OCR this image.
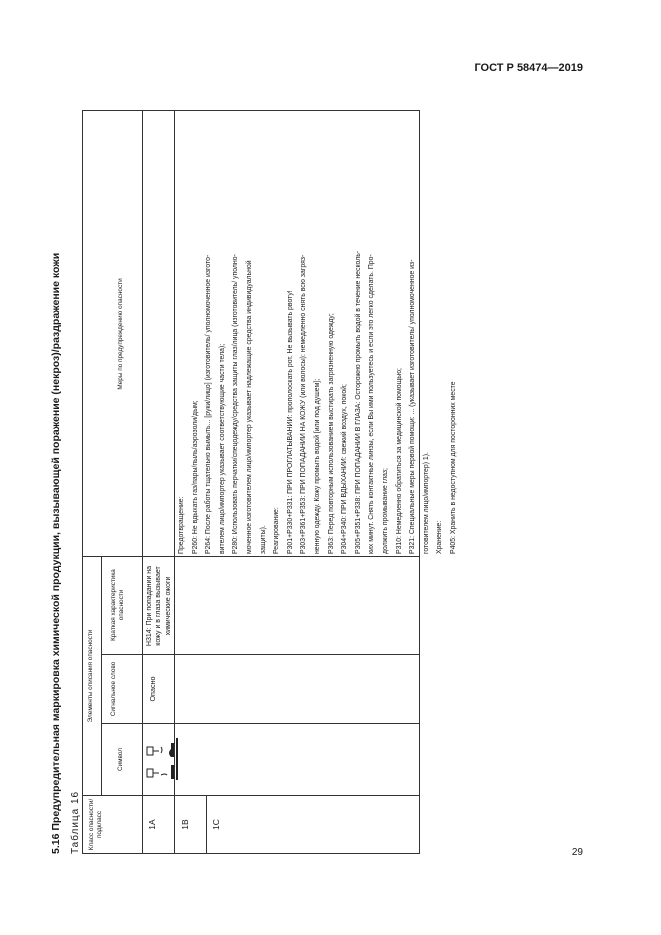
ГОСТ Р 58474—2019
5.16 Предупредительная маркировка химической продукции, вызывающей поражение (некроз)/раздражение кожи Таблица 16 Класс опасности/ подкласс
Элементы описания опасности
Символ
Сигнальное слово
Краткая характеристика опасности
Меры по предупреждению опасности
1A	1B 1C
Опасно
H314: При попадании на кожу и в глаза вызывает химические ожоги
Предотвращение: Р260: Не вдыхать газ/пары/пыль/аэрозоли/дым; Р264: После работы тщательно вымыть... [руки/лицо] (изготовитель/ уполномоченное изгото- вителем лицо/импортер указывает соответствующие части тела); Р280: Использовать перчатки/спецодежду/средства защиты глаз/лица (изготовитель/ уполно- моченное изготовителем лицо/импортер указывает надлежащие средства индивидуальной защиты). Реагирование: Р301+Р330+Р331: ПРИ ПРОГЛАТЫВАНИИ: прополоскать рот. Не вызывать рвоту! Р303+Р361+Р353: ПРИ ПОПАДАНИИ НА КОЖУ (или волосы): немедленно снять всю загряз- ненную одежду. Кожу промыть водой [или под душем]; Р363: Перед повторным использованием выстирать загрязненную одежду; Р304+Р340: ПРИ ВДЫХАНИИ: свежий воздух, покой; Р305+Р351+Р338: ПРИ ПОПАДАНИИ В ГЛАЗА: Осторожно промыть водой в течение несколь- ких минут. Снять контактные линзы, если Вы ими пользуетесь и если это легко сделать. Про- должить промывание глаз; Р310: Немедленно обратиться за медицинской помощью; Р321: Специальные меры первой помощи: ... (указывает изготовитель/ уполномоченное из- готовителем лицо/импортер) 1). Хранение: Р405: Хранить в недоступном для посторонних месте
29
